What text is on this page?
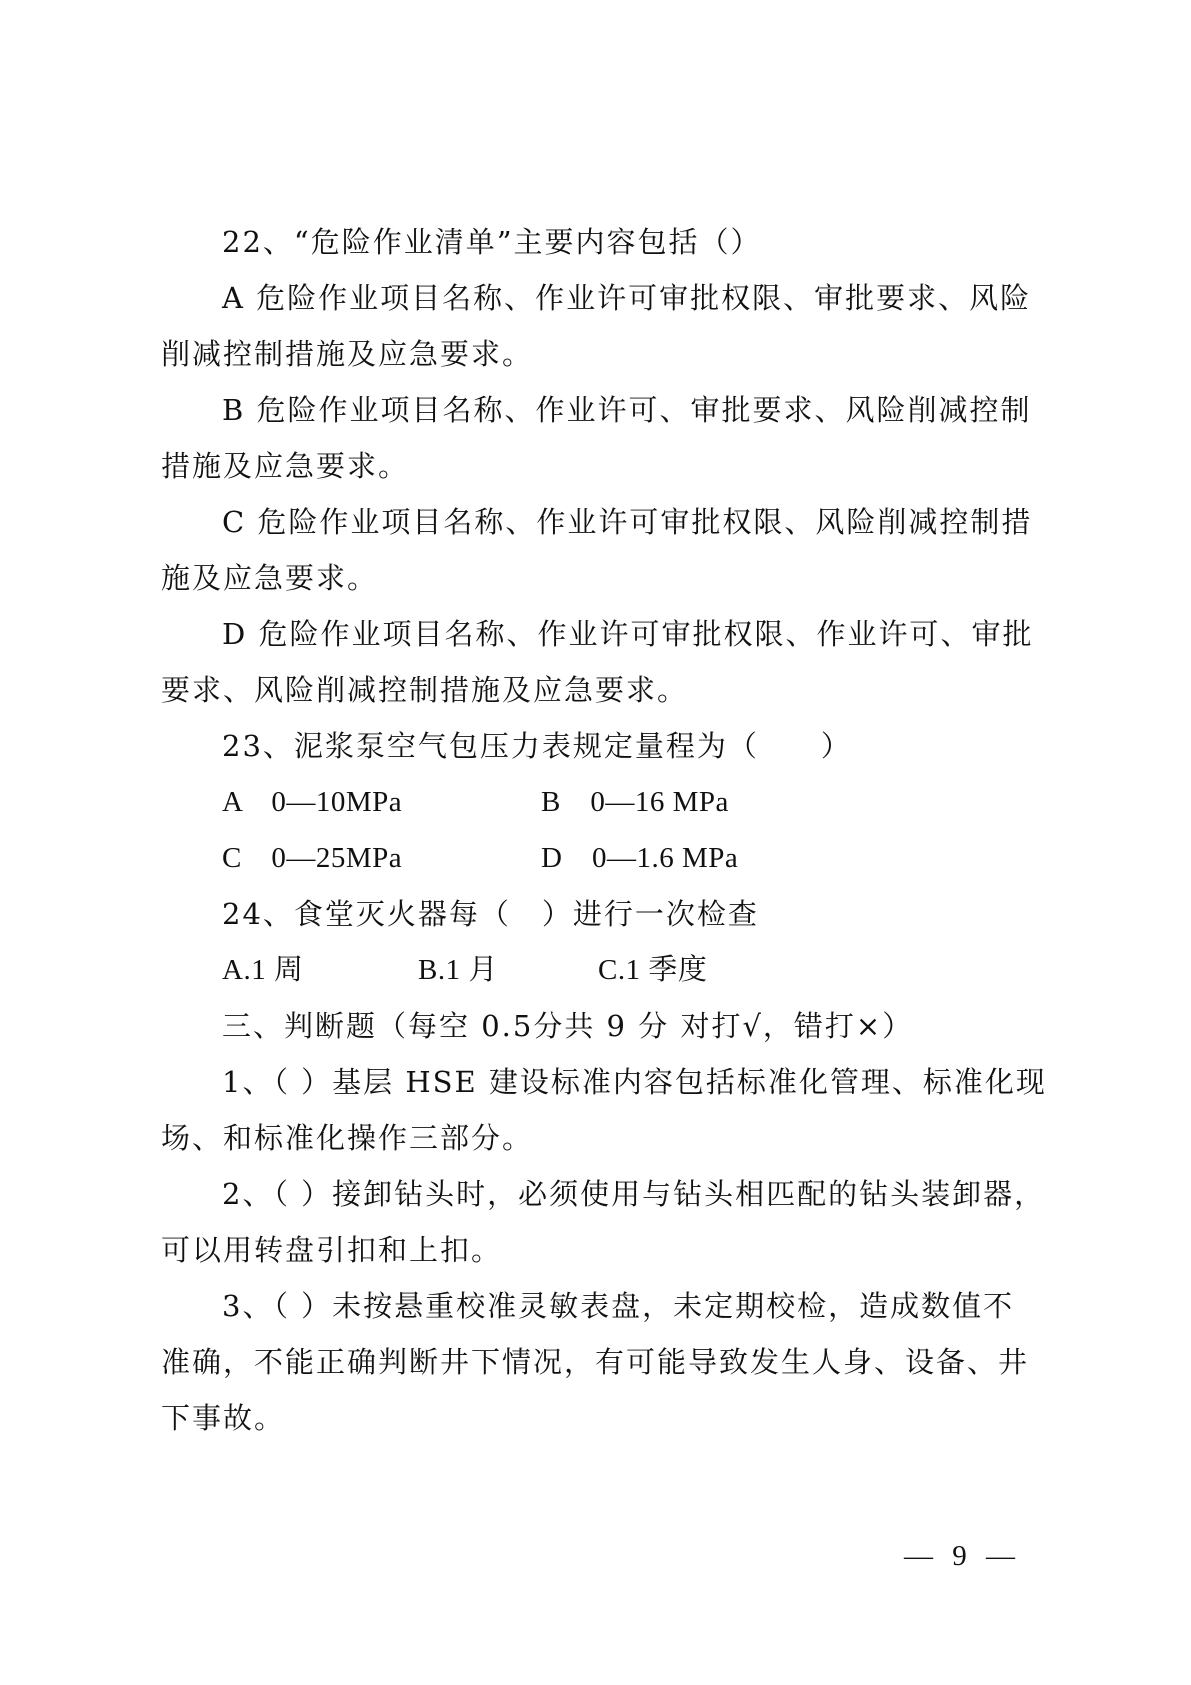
22、“危险作业清单”主要内容包括（）
A 危险作业项目名称、作业许可审批权限、审批要求、风险
削减控制措施及应急要求。
B 危险作业项目名称、作业许可、审批要求、风险削减控制
措施及应急要求。
C 危险作业项目名称、作业许可审批权限、风险削减控制措
施及应急要求。
D 危险作业项目名称、作业许可审批权限、作业许可、审批
要求、风险削减控制措施及应急要求。
23、泥浆泵空气包压力表规定量程为（　　）
A　0—10MPa	B　0—16 MPa
C　0—25MPa	D　0—1.6 MPa
24、食堂灭火器每（　）进行一次检查
A.1 周	B.1 月	C.1 季度
三、判断题（每空 0.5分共 9 分 对打√，错打×）
1、（ ）基层 HSE 建设标准内容包括标准化管理、标准化现
场、和标准化操作三部分。
2、（ ）接卸钻头时，必须使用与钻头相匹配的钻头装卸器，
可以用转盘引扣和上扣。
3、（ ）未按悬重校准灵敏表盘，未定期校检，造成数值不
准确，不能正确判断井下情况，有可能导致发生人身、设备、井
下事故。
— 9 —
